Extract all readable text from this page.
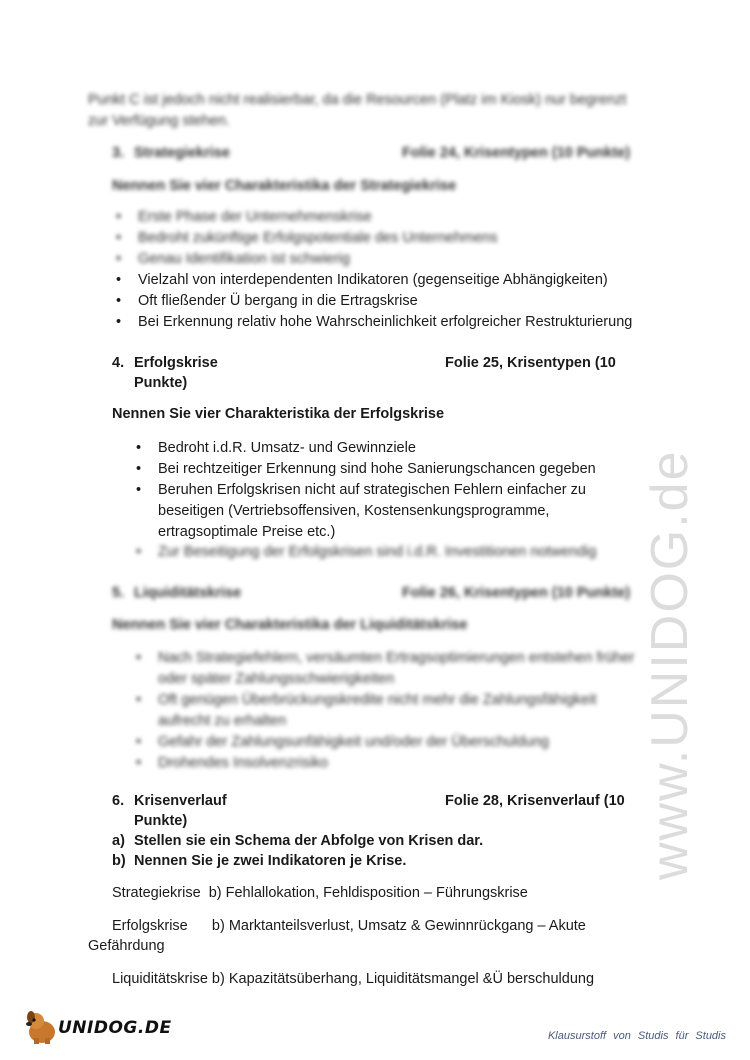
Punkt C ist jedoch nicht realisierbar, da die Resourcen (Platz im Kiosk) nur begrenzt
zur Verfügung stehen.
3. Strategiekrise	Folie 24, Krisentypen (10 Punkte)
Nennen Sie vier Charakteristika der Strategiekrise
• Erste Phase der Unternehmenskrise
• Bedroht zukünftige Erfolgspotentiale des Unternehmens
• Genau Identifikation ist schwierig
• Vielzahl von interdependenten Indikatoren (gegenseitige Abhängigkeiten)
• Oft fließender Ü bergang in die Ertragskrise
• Bei Erkennung relativ hohe Wahrscheinlichkeit erfolgreicher Restrukturierung
4. Erfolgskrise	Folie 25, Krisentypen (10
Punkte)
Nennen Sie vier Charakteristika der Erfolgskrise
• Bedroht i.d.R. Umsatz- und Gewinnziele
• Bei rechtzeitiger Erkennung sind hohe Sanierungschancen gegeben
• Beruhen Erfolgskrisen nicht auf strategischen Fehlern einfacher zu beseitigen (Vertriebsoffensiven, Kostensenkungsprogramme, ertragsoptimale Preise etc.)
• Zur Beseitigung der Erfolgskrisen sind i.d.R. Investitionen notwendig
5. Liquiditätskrise	Folie 26, Krisentypen (10 Punkte)
Nennen Sie vier Charakteristika der Liquiditätskrise
• Nach Strategiefehlern, versäumten Ertragsoptimierungen entstehen früher oder später Zahlungsschwierigkeiten
• Oft genügen Überbrückungskredite nicht mehr die Zahlungsfähigkeit aufrecht zu erhalten
• Gefahr der Zahlungsunfähigkeit und/oder der Überschuldung
• Drohendes Insolvenzrisiko
6. Krisenverlauf	Folie 28, Krisenverlauf (10
Punkte)
a) Stellen sie ein Schema der Abfolge von Krisen dar.
b) Nennen Sie je zwei Indikatoren je Krise.
Strategiekrise  b) Fehlallokation, Fehldisposition – Führungskrise
Erfolgskrise      b) Marktanteilsverlust, Umsatz & Gewinnrückgang – Akute
Gefährdung
Liquiditätskrise b) Kapazitätsüberhang, Liquiditätsmangel &Ü berschuldung
www.UNIDOG.de
UNIDOG.DE	Klausurstoff von Studis für Studis
